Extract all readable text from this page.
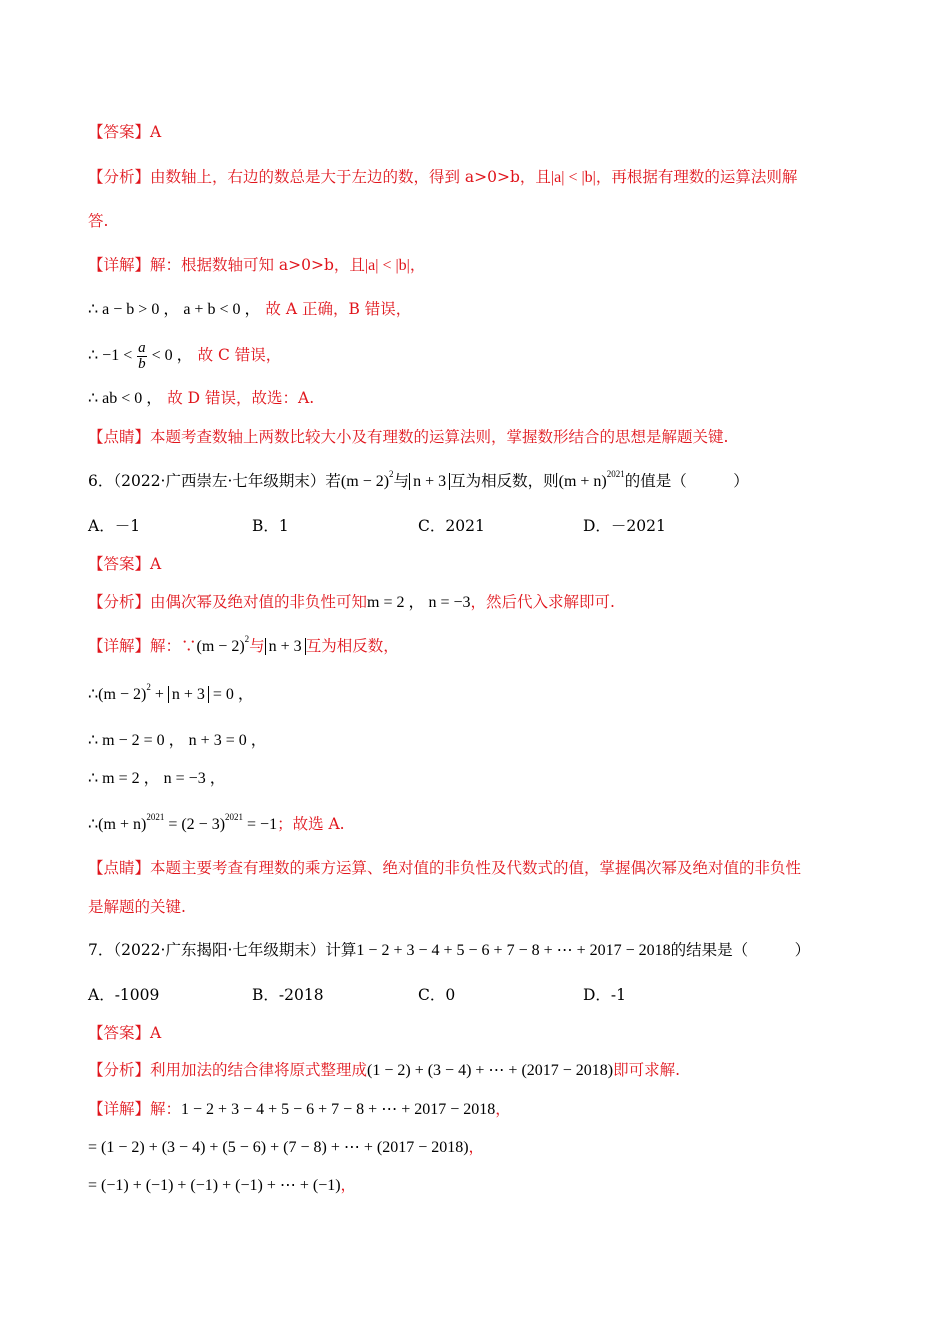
【答案】A
【分析】由数轴上，右边的数总是大于左边的数，得到 a>0>b，且|a| < |b|，再根据有理数的运算法则解
答.
【详解】解：根据数轴可知 a>0>b，且|a| < |b|，
∴ a − b > 0 ， a + b < 0 ， 故 A 正确，B 错误，
∴ $-1 < \frac{a}{b} < 0$ ， 故 C 错误，
∴ ab < 0 ， 故 D 错误，故选：A.
【点睛】本题考查数轴上两数比较大小及有理数的运算法则，掌握数形结合的思想是解题关键.
6．（2022·广西崇左·七年级期末）若$(m - 2)^2$与 n + 3 互为相反数，则$(m + n)^{2021}$的值是（　　　）
A．－1	B．1	C．2021	D．－2021
【答案】A
【分析】由偶次幂及绝对值的非负性可知m = 2 ， n = −3，然后代入求解即可.
【详解】解：∵(m − 2)$^2$与 n + 3 互为相反数，
∴(m − 2)$^2$ + n + 3 = 0 ，
∴ m − 2 = 0 ， n + 3 = 0 ，
∴ m = 2 ， n = −3 ，
∴(m + $n)^{2021} = (2 - 3)^{2021} = -1$；故选 A.
【点睛】本题主要考查有理数的乘方运算、绝对值的非负性及代数式的值，掌握偶次幂及绝对值的非负性
是解题的关键.
7．（2022·广东揭阳·七年级期末）计算1 − 2 + 3 − 4 + 5 − 6 + 7 − 8 + ⋯ + 2017 − 2018的结果是（　　　）
A．-1009	B．-2018	C．0	D．-1
【答案】A
【分析】利用加法的结合律将原式整理成(1 − 2) + (3 − 4) + ⋯ + (2017 − 2018)即可求解.
【详解】解：1 − 2 + 3 − 4 + 5 − 6 + 7 − 8 + ⋯ + 2017 − 2018，
= (1 − 2) + (3 − 4) + (5 − 6) + (7 − 8) + ⋯ + (2017 − 2018)，
= (−1) + (−1) + (−1) + (−1) + ⋯ + (−1)，
